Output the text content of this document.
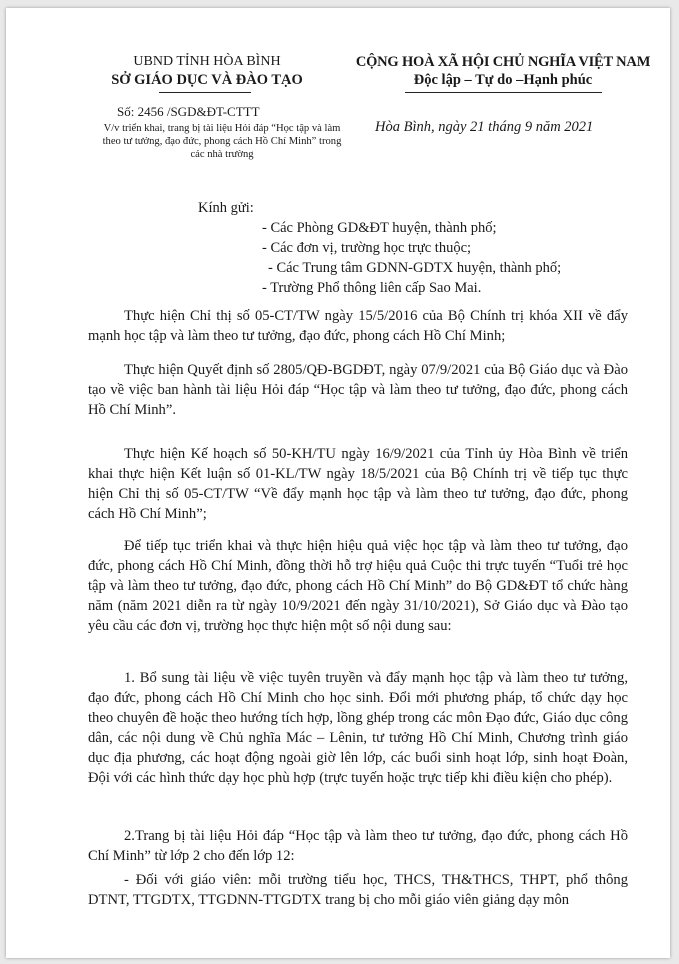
UBND TỈNH HÒA BÌNH
SỞ GIÁO DỤC VÀ ĐÀO TẠO
Số: 2456 /SGD&ĐT-CTTT
V/v triển khai, trang bị tài liệu Hỏi đáp “Học tập và làm theo tư tưởng, đạo đức, phong cách Hồ Chí Minh” trong các nhà trường
CỘNG HOÀ XÃ HỘI CHỦ NGHĨA VIỆT NAM
Độc lập – Tự do –Hạnh phúc
Hòa Bình, ngày 21 tháng 9 năm 2021
Kính gửi:
- Các Phòng GD&ĐT huyện, thành phố;
- Các đơn vị, trường học trực thuộc;
- Các Trung tâm GDNN-GDTX huyện, thành phố;
- Trường Phổ thông liên cấp Sao Mai.
Thực hiện Chỉ thị số 05-CT/TW ngày 15/5/2016 của Bộ Chính trị khóa XII về đẩy mạnh học tập và làm theo tư tưởng, đạo đức, phong cách Hồ Chí Minh;
Thực hiện Quyết định số 2805/QĐ-BGDĐT, ngày 07/9/2021 của Bộ Giáo dục và Đào tạo về việc ban hành tài liệu Hỏi đáp “Học tập và làm theo tư tưởng, đạo đức, phong cách Hồ Chí Minh”.
Thực hiện Kế hoạch số 50-KH/TU ngày 16/9/2021 của Tỉnh ủy Hòa Bình về triển khai thực hiện Kết luận số 01-KL/TW ngày 18/5/2021 của Bộ Chính trị về tiếp tục thực hiện Chỉ thị số 05-CT/TW “Về đẩy mạnh học tập và làm theo tư tưởng, đạo đức, phong cách Hồ Chí Minh”;
Để tiếp tục triển khai và thực hiện hiệu quả việc học tập và làm theo tư tưởng, đạo đức, phong cách Hồ Chí Minh, đồng thời hỗ trợ hiệu quả Cuộc thi trực tuyến “Tuổi trẻ học tập và làm theo tư tưởng, đạo đức, phong cách Hồ Chí Minh” do Bộ GD&ĐT tổ chức hàng năm (năm 2021 diễn ra từ ngày 10/9/2021 đến ngày 31/10/2021), Sở Giáo dục và Đào tạo yêu cầu các đơn vị, trường học thực hiện một số nội dung sau:
1. Bổ sung tài liệu về việc tuyên truyền và đẩy mạnh học tập và làm theo tư tưởng, đạo đức, phong cách Hồ Chí Minh cho học sinh. Đổi mới phương pháp, tổ chức dạy học theo chuyên đề hoặc theo hướng tích hợp, lồng ghép trong các môn Đạo đức, Giáo dục công dân, các nội dung về Chủ nghĩa Mác – Lênin, tư tưởng Hồ Chí Minh, Chương trình giáo dục địa phương, các hoạt động ngoài giờ lên lớp, các buổi sinh hoạt lớp, sinh hoạt Đoàn, Đội với các hình thức dạy học phù hợp (trực tuyến hoặc trực tiếp khi điều kiện cho phép).
2.Trang bị tài liệu Hỏi đáp “Học tập và làm theo tư tưởng, đạo đức, phong cách Hồ Chí Minh” từ lớp 2 cho đến lớp 12:
- Đối với giáo viên: mỗi trường tiểu học, THCS, TH&THCS, THPT, phổ thông DTNT, TTGDTX, TTGDNN-TTGDTX trang bị cho mỗi giáo viên giảng dạy môn
